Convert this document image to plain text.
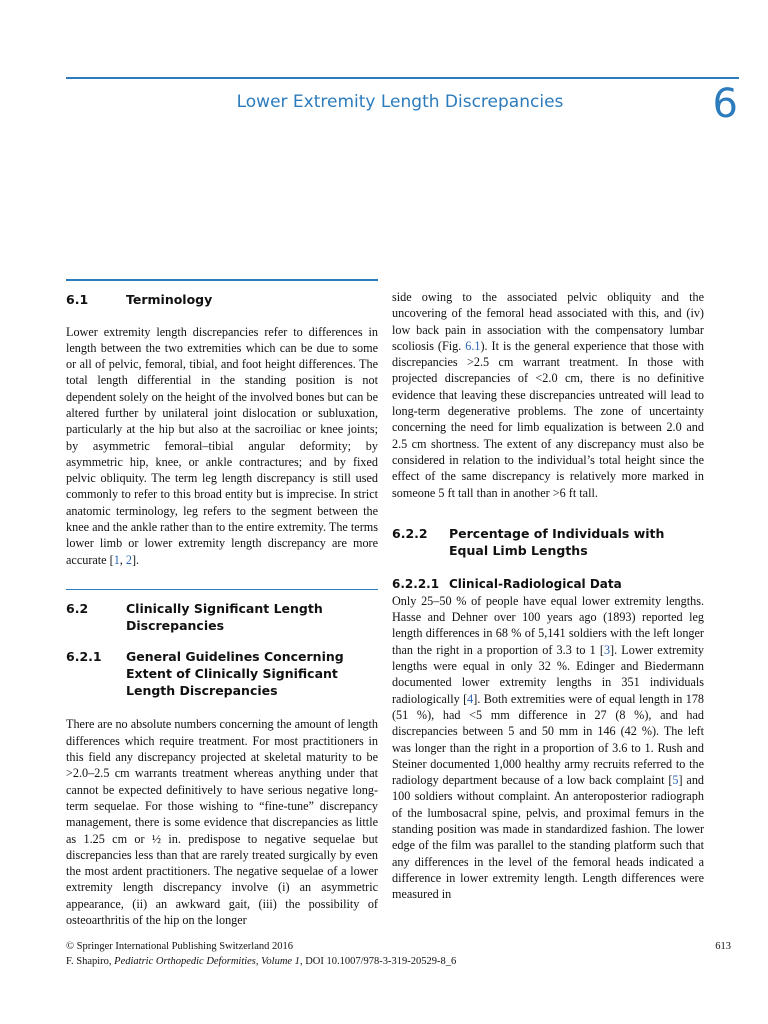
Lower Extremity Length Discrepancies	6
6.1	Terminology

Lower extremity length discrepancies refer to differences in length between the two extremities which can be due to some or all of pelvic, femoral, tibial, and foot height differences. The total length differential in the standing position is not dependent solely on the height of the involved bones but can be altered further by unilateral joint dislocation or subluxation, particularly at the hip but also at the sacroiliac or knee joints; by asymmetric femoral–tibial angular deformity; by asymmetric hip, knee, or ankle contractures; and by fixed pelvic obliquity. The term leg length discrepancy is still used commonly to refer to this broad entity but is imprecise. In strict anatomic terminology, leg refers to the segment between the knee and the ankle rather than to the entire extremity. The terms lower limb or lower extremity length discrepancy are more accurate [1, 2].

6.2	Clinically Significant Length Discrepancies
6.2.1	General Guidelines Concerning Extent of Clinically Significant Length Discrepancies

There are no absolute numbers concerning the amount of length differences which require treatment. For most practitioners in this field any discrepancy projected at skeletal maturity to be >2.0–2.5 cm warrants treatment whereas anything under that cannot be expected definitively to have serious negative long-term sequelae. For those wishing to “fine-tune” discrepancy management, there is some evidence that discrepancies as little as 1.25 cm or ½ in. predispose to negative sequelae but discrepancies less than that are rarely treated surgically by even the most ardent practitioners. The negative sequelae of a lower extremity length discrepancy involve (i) an asymmetric appearance, (ii) an awkward gait, (iii) the possibility of osteoarthritis of the hip on the longer

side owing to the associated pelvic obliquity and the uncovering of the femoral head associated with this, and (iv) low back pain in association with the compensatory lumbar scoliosis (Fig. 6.1). It is the general experience that those with discrepancies >2.5 cm warrant treatment. In those with projected discrepancies of <2.0 cm, there is no definitive evidence that leaving these discrepancies untreated will lead to long-term degenerative problems. The zone of uncertainty concerning the need for limb equalization is between 2.0 and 2.5 cm shortness. The extent of any discrepancy must also be considered in relation to the individual’s total height since the effect of the same discrepancy is relatively more marked in someone 5 ft tall than in another >6 ft tall.

6.2.2	Percentage of Individuals with Equal Limb Lengths
6.2.2.1 Clinical-Radiological Data

Only 25–50 % of people have equal lower extremity lengths. Hasse and Dehner over 100 years ago (1893) reported leg length differences in 68 % of 5,141 soldiers with the left longer than the right in a proportion of 3.3 to 1 [3]. Lower extremity lengths were equal in only 32 %. Edinger and Biedermann documented lower extremity lengths in 351 individuals radiologically [4]. Both extremities were of equal length in 178 (51 %), had <5 mm difference in 27 (8 %), and had discrepancies between 5 and 50 mm in 146 (42 %). The left was longer than the right in a proportion of 3.6 to 1. Rush and Steiner documented 1,000 healthy army recruits referred to the radiology department because of a low back complaint [5] and 100 soldiers without complaint. An anteroposterior radiograph of the lumbosacral spine, pelvis, and proximal femurs in the standing position was made in standardized fashion. The lower edge of the film was parallel to the standing platform such that any differences in the level of the femoral heads indicated a difference in lower extremity length. Length differences were measured in

© Springer International Publishing Switzerland 2016
F. Shapiro, Pediatric Orthopedic Deformities, Volume 1, DOI 10.1007/978-3-319-20529-8_6
613
